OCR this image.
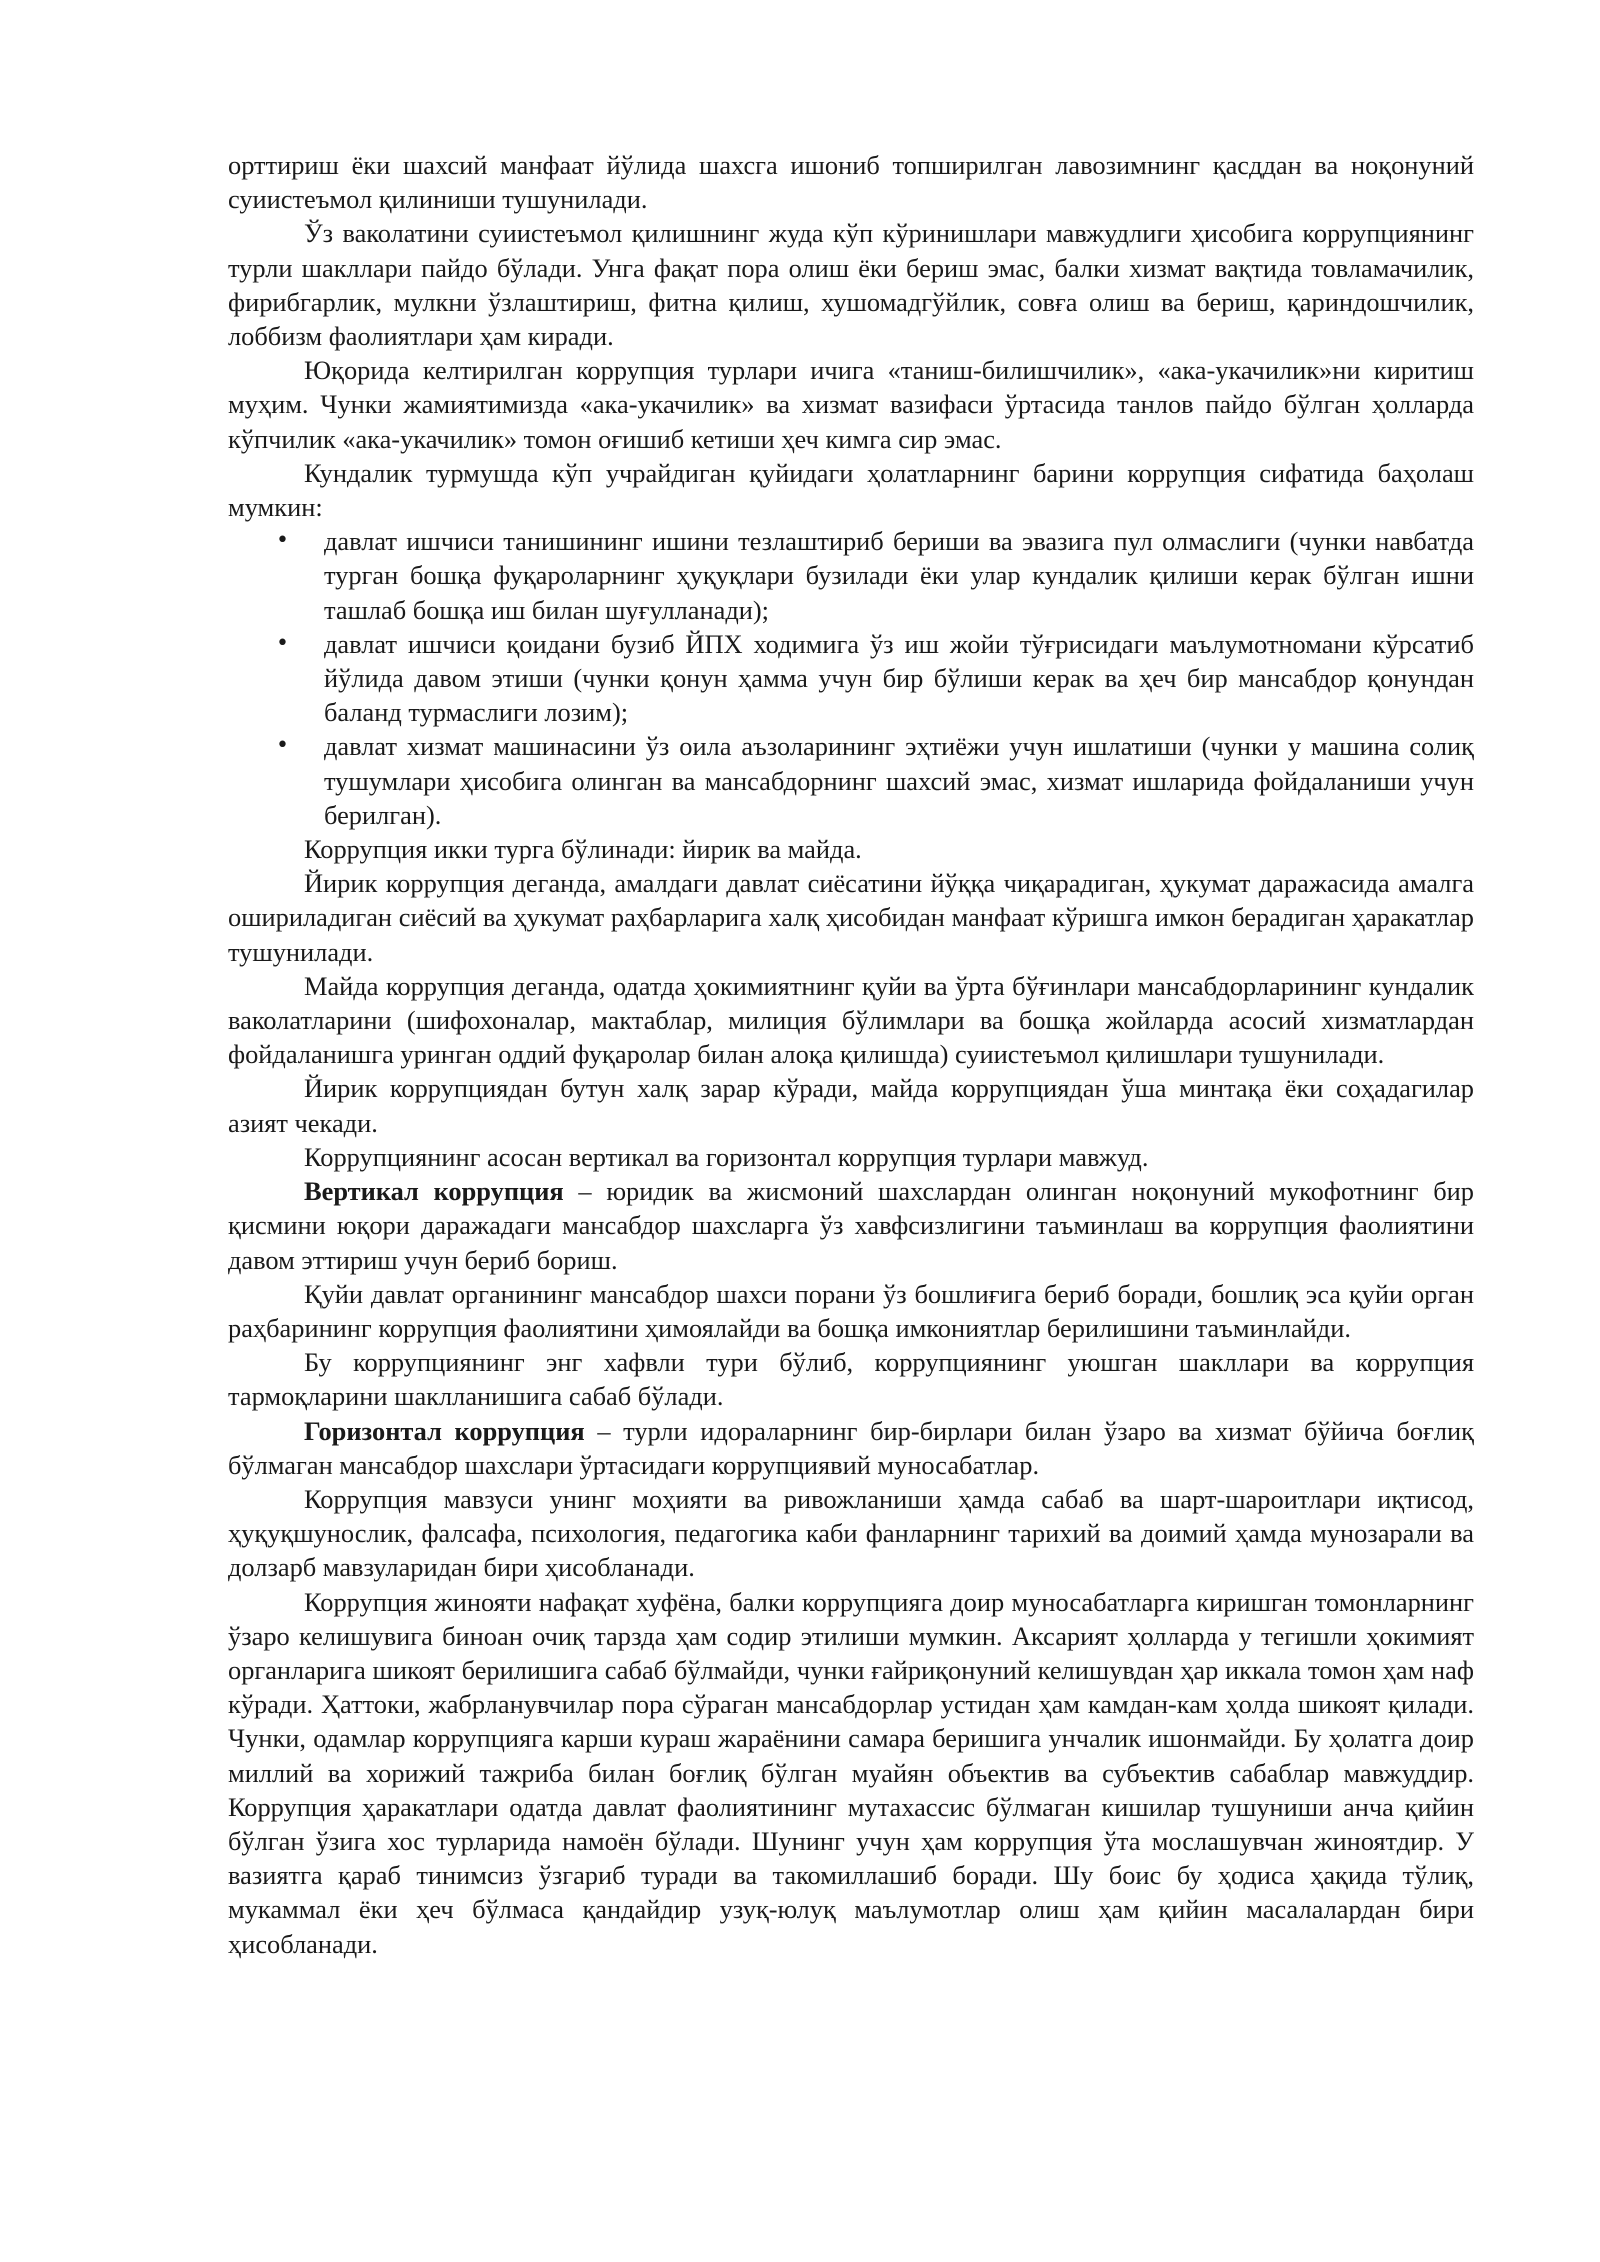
орттириш ёки шахсий манфаат йўлида шахсга ишониб топширилган лавозимнинг қасддан ва ноқонуний суиистеъмол қилиниши тушунилади.

Ўз ваколатини суиистеъмол қилишнинг жуда кўп кўринишлари мавжудлиги ҳисобига коррупциянинг турли шакллари пайдо бўлади. Унга фақат пора олиш ёки бериш эмас, балки хизмат вақтида товламачилик, фирибгарлик, мулкни ўзлаштириш, фитна қилиш, хушомадгўйлик, совға олиш ва бериш, қариндошчилик, лоббизм фаолиятлари ҳам киради.

Юқорида келтирилган коррупция турлари ичига «таниш-билишчилик», «ака-укачилик»ни киритиш муҳим. Чунки жамиятимизда «ака-укачилик» ва хизмат вазифаси ўртасида танлов пайдо бўлган ҳолларда кўпчилик «ака-укачилик» томон оғишиб кетиши ҳеч кимга сир эмас.

Кундалик турмушда кўп учрайдиган қуйидаги ҳолатларнинг барини коррупция сифатида баҳолаш мумкин:

• давлат ишчиси танишининг ишини тезлаштириб бериши ва эвазига пул олмаслиги (чунки навбатда турган бошқа фуқароларнинг ҳуқуқлари бузилади ёки улар кундалик қилиши керак бўлган ишни ташлаб бошқа иш билан шуғулланади);
• давлат ишчиси қоидани бузиб ЙПХ ходимига ўз иш жойи тўғрисидаги маълумотномани кўрсатиб йўлида давом этиши (чунки қонун ҳамма учун бир бўлиши керак ва ҳеч бир мансабдор қонундан баланд турмаслиги лозим);
• давлат хизмат машинасини ўз оила аъзоларининг эҳтиёжи учун ишлатиши (чунки у машина солиқ тушумлари ҳисобига олинган ва мансабдорнинг шахсий эмас, хизмат ишларида фойдаланиши учун берилган).

Коррупция икки турга бўлинади: йирик ва майда.

Йирик коррупция деганда, амалдаги давлат сиёсатини йўққа чиқарадиган, ҳукумат даражасида амалга ошириладиган сиёсий ва ҳукумат раҳбарларига халқ ҳисобидан манфаат кўришга имкон берадиган ҳаракатлар тушунилади.

Майда коррупция деганда, одатда ҳокимиятнинг қуйи ва ўрта бўғинлари мансабдорларининг кундалик ваколатларини (шифохоналар, мактаблар, милиция бўлимлари ва бошқа жойларда асосий хизматлардан фойдаланишга уринган оддий фуқаролар билан алоқа қилишда) суиистеъмол қилишлари тушунилади.

Йирик коррупциядан бутун халқ зарар кўради, майда коррупциядан ўша минтақа ёки соҳадагилар азият чекади.

Коррупциянинг асосан вертикал ва горизонтал коррупция турлари мавжуд.

Вертикал коррупция – юридик ва жисмоний шахслардан олинган ноқонуний мукофотнинг бир қисмини юқори даражадаги мансабдор шахсларга ўз хавфсизлигини таъминлаш ва коррупция фаолиятини давом эттириш учун бериб бориш.

Қуйи давлат органининг мансабдор шахси порани ўз бошлиғига бериб боради, бошлиқ эса қуйи орган раҳбарининг коррупция фаолиятини ҳимоялайди ва бошқа имкониятлар берилишини таъминлайди.

Бу коррупциянинг энг хафвли тури бўлиб, коррупциянинг уюшган шакллари ва коррупция тармоқларини шаклланишига сабаб бўлади.

Горизонтал коррупция – турли идораларнинг бир-бирлари билан ўзаро ва хизмат бўйича боғлиқ бўлмаган мансабдор шахслари ўртасидаги коррупциявий муносабатлар.

Коррупция мавзуси унинг моҳияти ва ривожланиши ҳамда сабаб ва шарт-шароитлари иқтисод, ҳуқуқшунослик, фалсафа, психология, педагогика каби фанларнинг тарихий ва доимий ҳамда мунозарали ва долзарб мавзуларидан бири ҳисобланади.

Коррупция жинояти нафақат хуфёна, балки коррупцияга доир муносабатларга киришган томонларнинг ўзаро келишувига биноан очиқ тарзда ҳам содир этилиши мумкин. Аксарият ҳолларда у тегишли ҳокимият органларига шикоят берилишига сабаб бўлмайди, чунки ғайриқонуний келишувдан ҳар иккала томон ҳам наф кўради. Ҳаттоки, жабрланувчилар пора сўраган мансабдорлар устидан ҳам камдан-кам ҳолда шикоят қилади. Чунки, одамлар коррупцияга карши кураш жараёнини самара беришига унчалик ишонмайди. Бу ҳолатга доир миллий ва хорижий тажриба билан боғлиқ бўлган муайян объектив ва субъектив сабаблар мавжуддир. Коррупция ҳаракатлари одатда давлат фаолиятининг мутахассис бўлмаган кишилар тушуниши анча қийин бўлган ўзига хос турларида намоён бўлади. Шунинг учун ҳам коррупция ўта мослашувчан жиноятдир. У вазиятга қараб тинимсиз ўзгариб туради ва такомиллашиб боради. Шу боис бу ҳодиса ҳақида тўлиқ, мукаммал ёки ҳеч бўлмаса қандайдир узуқ-юлуқ маълумотлар олиш ҳам қийин масалалардан бири ҳисобланади.
